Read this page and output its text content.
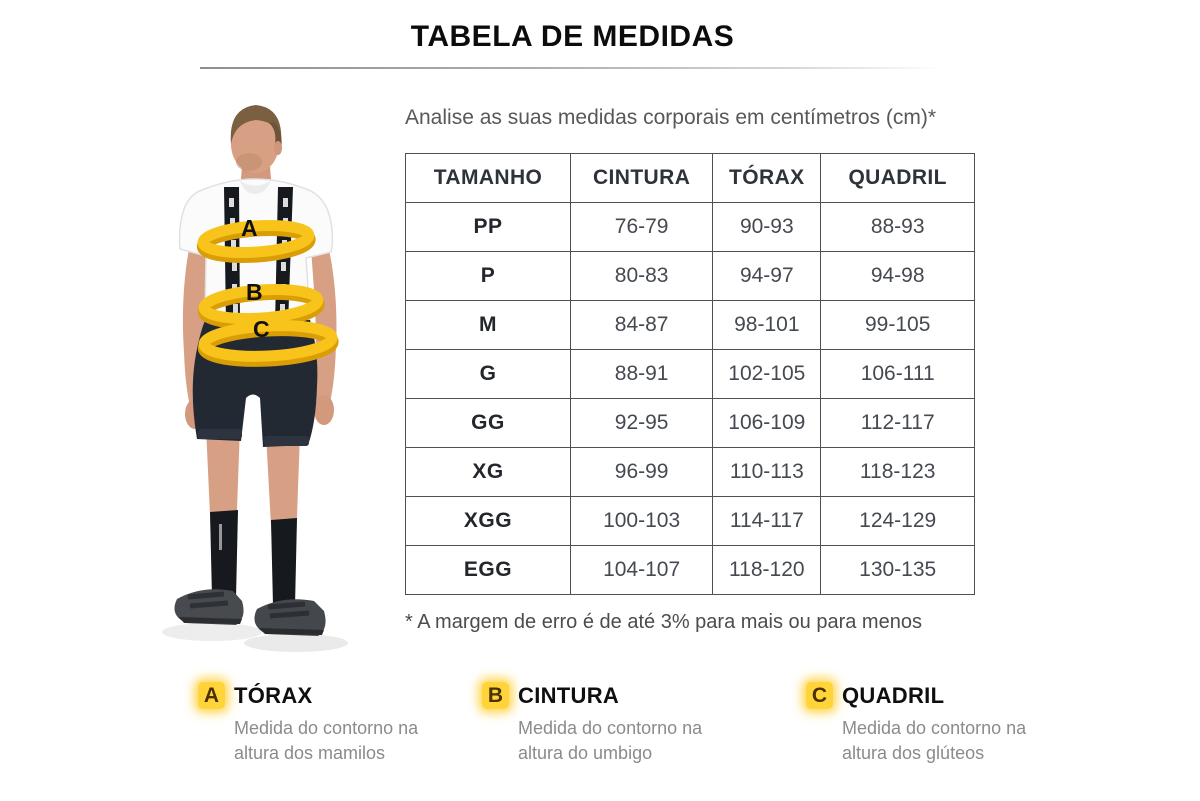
TABELA DE MEDIDAS
A
B
C
Analise as suas medidas corporais em centímetros (cm)*
TAMANHO	CINTURA	TÓRAX	QUADRIL
PP	76-79	90-93	88-93
P	80-83	94-97	94-98
M	84-87	98-101	99-105
G	88-91	102-105	106-111
GG	92-95	106-109	112-117
XG	96-99	110-113	118-123
XGG	100-103	114-117	124-129
EGG	104-107	118-120	130-135
* A margem de erro é de até 3% para mais ou para menos
A TÓRAX
Medida do contorno na altura dos mamilos
B CINTURA
Medida do contorno na altura do umbigo
C QUADRIL
Medida do contorno na altura dos glúteos
